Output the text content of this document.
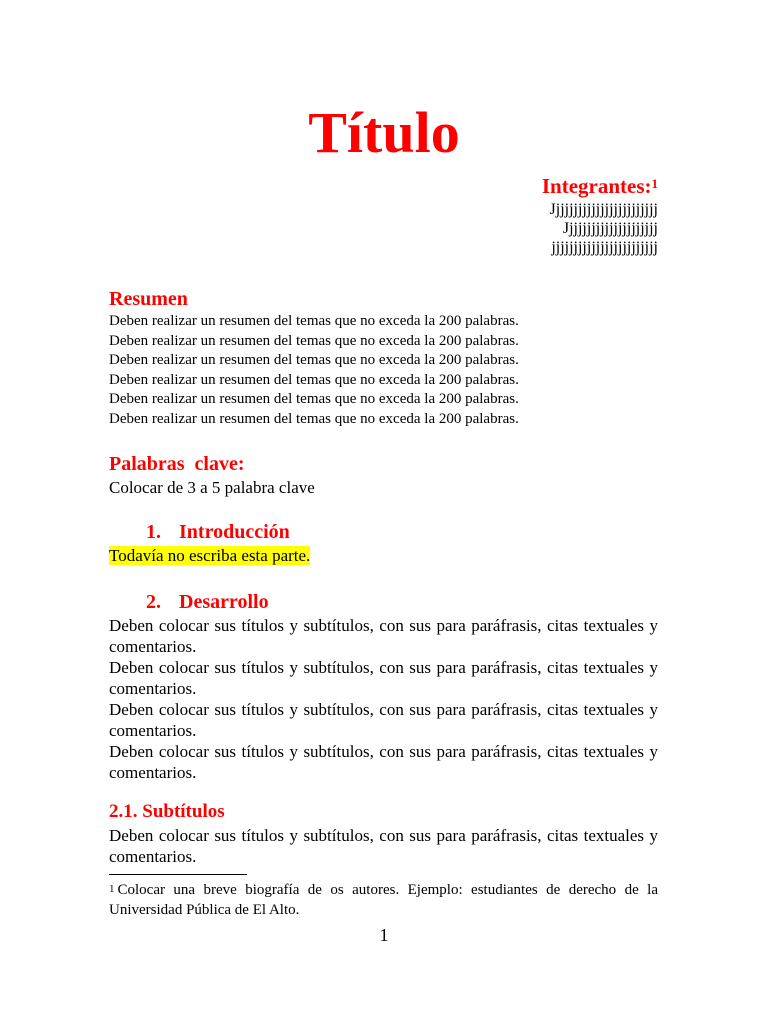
Título
Integrantes:$^1$
Jjjjjjjjjjjjjjjjjjjjjjjj
Jjjjjjjjjjjjjjjjjjjjj
jjjjjjjjjjjjjjjjjjjjjjjj
Resumen
Deben realizar un resumen del temas que no exceda la 200 palabras.
Deben realizar un resumen del temas que no exceda la 200 palabras.
Deben realizar un resumen del temas que no exceda la 200 palabras.
Deben realizar un resumen del temas que no exceda la 200 palabras.
Deben realizar un resumen del temas que no exceda la 200 palabras.
Deben realizar un resumen del temas que no exceda la 200 palabras.
Palabras  clave:
Colocar de 3 a 5 palabra clave
1. Introducción
Todavía no escriba esta parte.
2. Desarrollo
Deben colocar sus títulos y subtítulos, con sus para paráfrasis, citas textuales y comentarios.
Deben colocar sus títulos y subtítulos, con sus para paráfrasis, citas textuales y comentarios.
Deben colocar sus títulos y subtítulos, con sus para paráfrasis, citas textuales y comentarios.
Deben colocar sus títulos y subtítulos, con sus para paráfrasis, citas textuales y comentarios.
2.1. Subtítulos
Deben colocar sus títulos y subtítulos, con sus para paráfrasis, citas textuales y comentarios.
$^1$ Colocar una breve biografía de os autores. Ejemplo: estudiantes de derecho de la Universidad Pública de El Alto.
1
